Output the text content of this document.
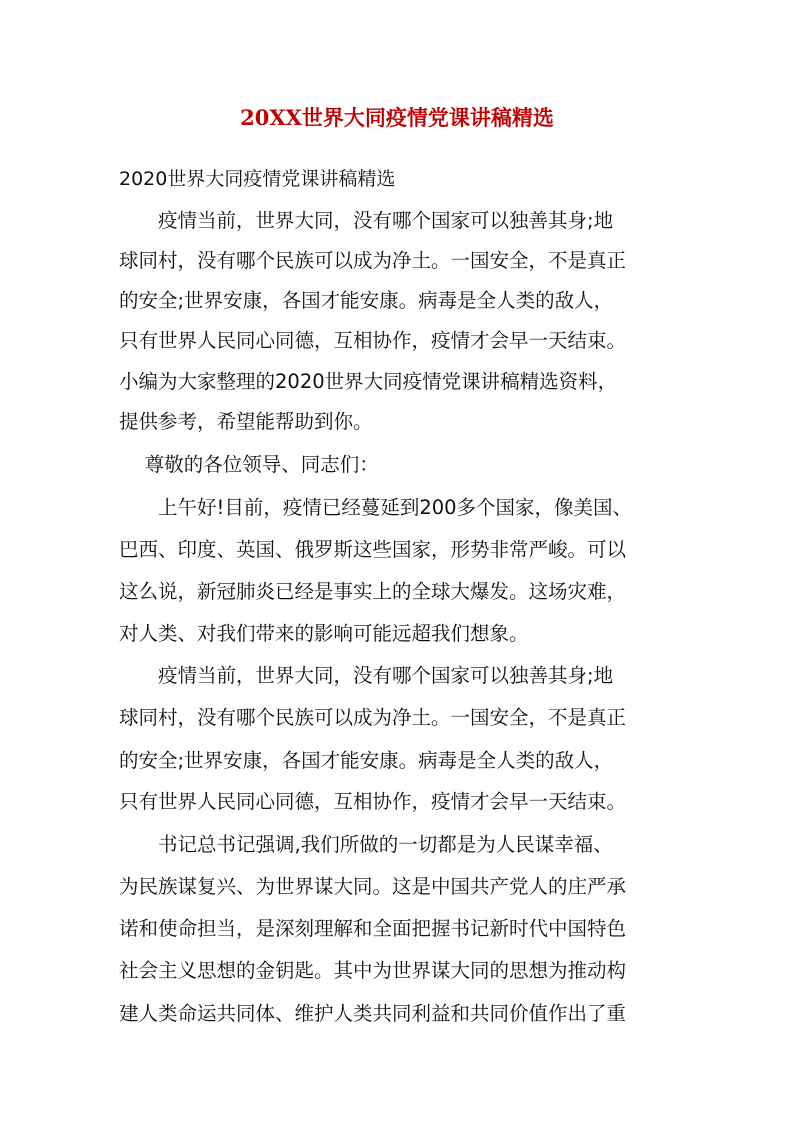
20XX世界大同疫情党课讲稿精选
2020世界大同疫情党课讲稿精选
　　疫情当前，世界大同，没有哪个国家可以独善其身;地
球同村，没有哪个民族可以成为净土。一国安全，不是真正
的安全;世界安康，各国才能安康。病毒是全人类的敌人，
只有世界人民同心同德，互相协作，疫情才会早一天结束。
小编为大家整理的2020世界大同疫情党课讲稿精选资料，
提供参考，希望能帮助到你。
　 尊敬的各位领导、同志们：
　　上午好!目前，疫情已经蔓延到200多个国家，像美国、
巴西、印度、英国、俄罗斯这些国家，形势非常严峻。可以
这么说，新冠肺炎已经是事实上的全球大爆发。这场灾难，
对人类、对我们带来的影响可能远超我们想象。
　　疫情当前，世界大同，没有哪个国家可以独善其身;地
球同村，没有哪个民族可以成为净土。一国安全，不是真正
的安全;世界安康，各国才能安康。病毒是全人类的敌人，
只有世界人民同心同德，互相协作，疫情才会早一天结束。
　　书记总书记强调,我们所做的一切都是为人民谋幸福、
为民族谋复兴、为世界谋大同。这是中国共产党人的庄严承
诺和使命担当，是深刻理解和全面把握书记新时代中国特色
社会主义思想的金钥匙。其中为世界谋大同的思想为推动构
建人类命运共同体、维护人类共同利益和共同价值作出了重
